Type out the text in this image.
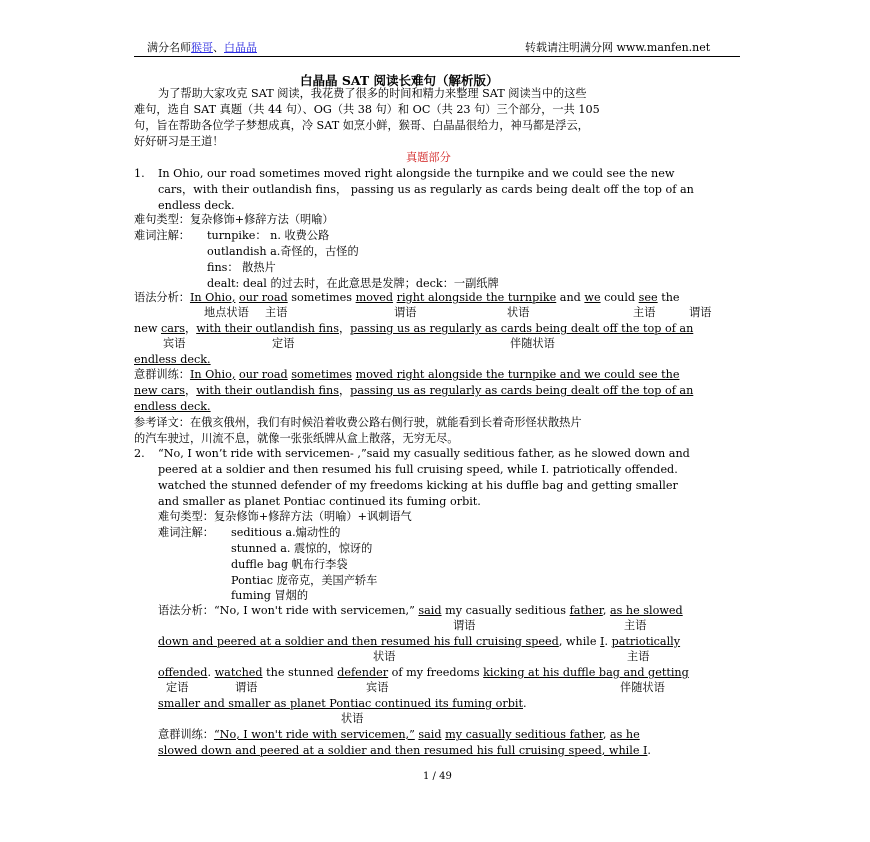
满分名师猴哥、白晶晶	转载请注明满分网 www.manfen.net
白晶晶 SAT 阅读长难句（解析版）
为了帮助大家攻克 SAT 阅读，我花费了很多的时间和精力来整理 SAT 阅读当中的这些
难句，选自 SAT 真题（共 44 句）、OG（共 38 句）和 OC（共 23 句）三个部分，一共 105
句，旨在帮助各位学子梦想成真，冷 SAT 如烹小鲜，猴哥、白晶晶很给力，神马都是浮云，
好好研习是王道！
真题部分
1. In Ohio, our road sometimes moved right alongside the turnpike and we could see the new
cars，with their outlandish fins， passing us as regularly as cards being dealt off the top of an
endless deck.
难句类型：复杂修饰+修辞方法（明喻）
难词注解： turnpike： n. 收费公路
outlandish a.奇怪的，古怪的
fins： 散热片
dealt: deal 的过去时，在此意思是发牌；deck：一副纸牌
语法分析：In Ohio, our road sometimes moved right alongside the turnpike and we could see the
地点状语 主语	谓语	状语	主语	谓语
new cars，with their outlandish fins，passing us as regularly as cards being dealt off the top of an
宾语	定语	伴随状语
endless deck.
意群训练：In Ohio, our road sometimes moved right alongside the turnpike and we could see the
new cars，with their outlandish fins，passing us as regularly as cards being dealt off the top of an
endless deck.
参考译文：在俄亥俄州，我们有时候沿着收费公路右侧行驶，就能看到长着奇形怪状散热片
的汽车驶过，川流不息，就像一张张纸牌从盒上散落，无穷无尽。
2. “No, I won’t ride with servicemen- ,”said my casually seditious father, as he slowed down and
peered at a soldier and then resumed his full cruising speed, while I. patriotically offended.
watched the stunned defender of my freedoms kicking at his duffle bag and getting smaller
and smaller as planet Pontiac continued its fuming orbit.
难句类型：复杂修饰+修辞方法（明喻）+讽刺语气
难词注解： seditious a.煽动性的
stunned a. 震惊的，惊讶的
duffle bag 帆布行李袋
Pontiac 庞帝克，美国产轿车
fuming 冒烟的
语法分析：“No, I won't ride with servicemen,” said my casually seditious father, as he slowed
谓语	主语
down and peered at a soldier and then resumed his full cruising speed, while I. patriotically
状语	主语
offended. watched the stunned defender of my freedoms kicking at his duffle bag and getting
定语	谓语	宾语	伴随状语
smaller and smaller as planet Pontiac continued its fuming orbit.
状语
意群训练：“No, I won't ride with servicemen,” said my casually seditious father, as he
slowed down and peered at a soldier and then resumed his full cruising speed, while I.
1 / 49
